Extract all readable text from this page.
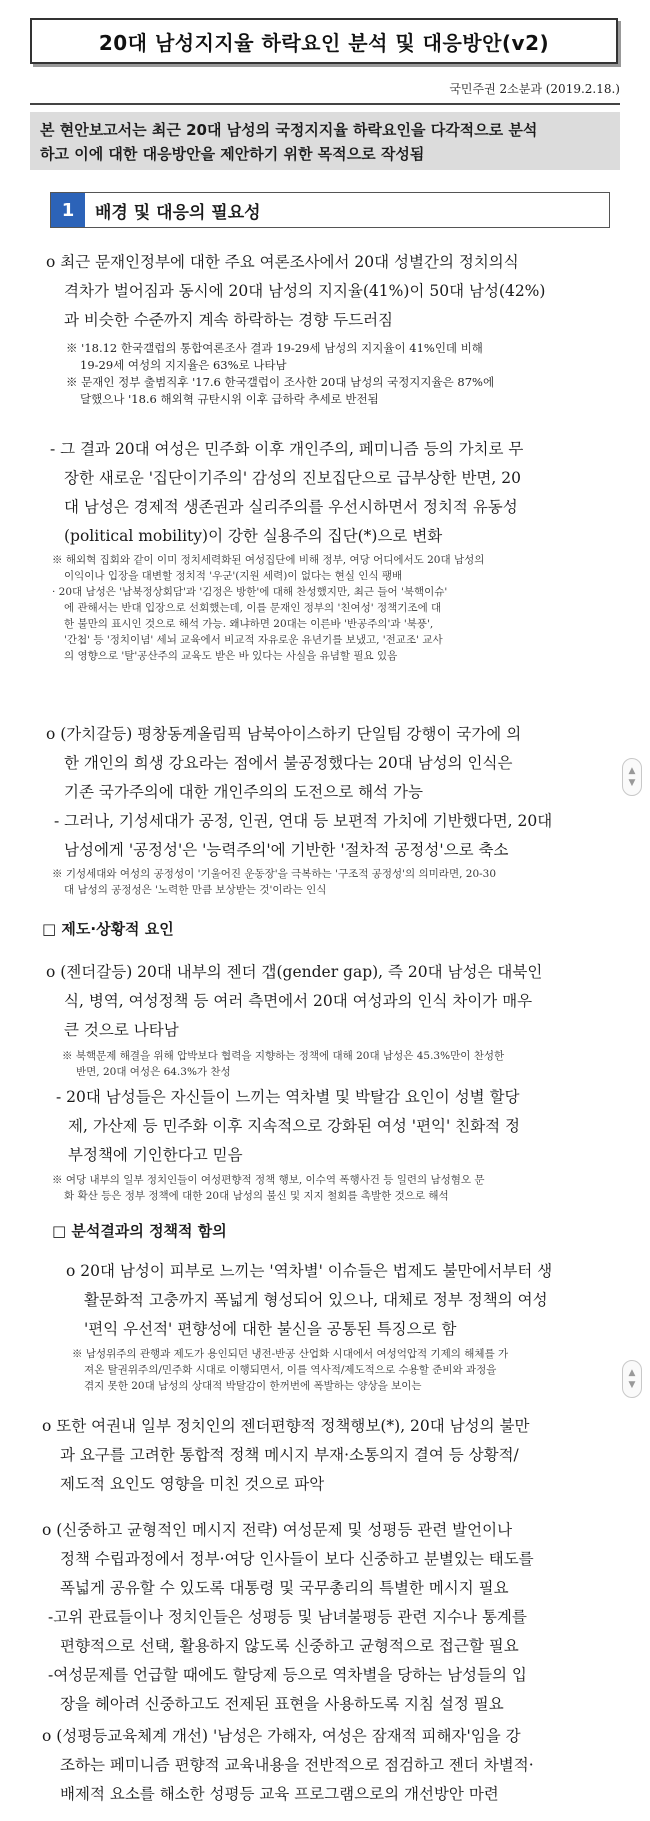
20대 남성지지율 하락요인 분석 및 대응방안(v2)
국민주권 2소분과 (2019.2.18.)
본 현안보고서는 최근 20대 남성의 국정지지율 하락요인을 다각적으로 분석
하고 이에 대한 대응방안을 제안하기 위한 목적으로 작성됨
1	배경 및 대응의 필요성
o 최근 문재인정부에 대한 주요 여론조사에서 20대 성별간의 정치의식
격차가 벌어짐과 동시에 20대 남성의 지지율(41%)이 50대 남성(42%)
과 비슷한 수준까지 계속 하락하는 경향 두드러짐
※ '18.12 한국갤럽의 통합여론조사 결과 19-29세 남성의 지지율이 41%인데 비해
19-29세 여성의 지지율은 63%로 나타남
※ 문재인 정부 출범직후 '17.6 한국갤럽이 조사한 20대 남성의 국정지지율은 87%에
달했으나 '18.6 해외혁 규탄시위 이후 급하락 추세로 반전됨
- 그 결과 20대 여성은 민주화 이후 개인주의, 페미니즘 등의 가치로 무
장한 새로운 '집단이기주의' 감성의 진보집단으로 급부상한 반면, 20
대 남성은 경제적 생존권과 실리주의를 우선시하면서 정치적 유동성
(political mobility)이 강한 실용주의 집단(*)으로 변화
※ 해외혁 집회와 같이 이미 정치세력화된 여성집단에 비해 정부, 여당 어디에서도 20대 남성의
이익이나 입장을 대변할 정치적 '우군'(지원 세력)이 없다는 현실 인식 팽배
· 20대 남성은 '남북정상회담'과 '김정은 방한'에 대해 찬성했지만, 최근 들어 '북핵이슈'
에 관해서는 반대 입장으로 선회했는데, 이를 문재인 정부의 '친여성' 정책기조에 대
한 불만의 표시인 것으로 해석 가능. 왜냐하면 20대는 이른바 '반공주의'과 '북풍',
'간첩' 등 '정치이념' 세뇌 교육에서 비교적 자유로운 유년기를 보냈고, '전교조' 교사
의 영향으로 '탈'공산주의 교육도 받은 바 있다는 사실을 유념할 필요 있음
o (가치갈등) 평창동계올림픽 남북아이스하키 단일팀 강행이 국가에 의
한 개인의 희생 강요라는 점에서 불공정했다는 20대 남성의 인식은
기존 국가주의에 대한 개인주의의 도전으로 해석 가능
- 그러나, 기성세대가 공정, 인권, 연대 등 보편적 가치에 기반했다면, 20대
남성에게 '공정성'은 '능력주의'에 기반한 '절차적 공정성'으로 축소
※ 기성세대와 여성의 공정성이 '기울어진 운동장'을 극복하는 '구조적 공정성'의 의미라면, 20-30
대 남성의 공정성은 '노력한 만큼 보상받는 것'이라는 인식
□ 제도·상황적 요인
o (젠더갈등) 20대 내부의 젠더 갭(gender gap), 즉 20대 남성은 대북인
식, 병역, 여성정책 등 여러 측면에서 20대 여성과의 인식 차이가 매우
큰 것으로 나타남
※ 북핵문제 해결을 위해 압박보다 협력을 지향하는 정책에 대해 20대 남성은 45.3%만이 찬성한
반면, 20대 여성은 64.3%가 찬성
- 20대 남성들은 자신들이 느끼는 역차별 및 박탈감 요인이 성별 할당
제, 가산제 등 민주화 이후 지속적으로 강화된 여성 '편익' 친화적 정
부정책에 기인한다고 믿음
※ 여당 내부의 일부 정치인들이 여성편향적 정책 행보, 이수역 폭행사건 등 일련의 남성혐오 문
화 확산 등은 정부 정책에 대한 20대 남성의 불신 및 지지 철회를 촉발한 것으로 해석
□ 분석결과의 정책적 함의
o 20대 남성이 피부로 느끼는 '역차별' 이슈들은 법제도 불만에서부터 생
활문화적 고충까지 폭넓게 형성되어 있으나, 대체로 정부 정책의 여성
'편익 우선적' 편향성에 대한 불신을 공통된 특징으로 함
※ 남성위주의 관행과 제도가 용인되던 냉전-반공 산업화 시대에서 여성억압적 기제의 해체를 가
져온 탈권위주의/민주화 시대로 이행되면서, 이를 역사적/제도적으로 수용할 준비와 과정을
겪지 못한 20대 남성의 상대적 박탈감이 한꺼번에 폭발하는 양상을 보이는
o 또한 여권내 일부 정치인의 젠더편향적 정책행보(*), 20대 남성의 불만
과 요구를 고려한 통합적 정책 메시지 부재·소통의지 결여 등 상황적/
제도적 요인도 영향을 미친 것으로 파악
o (신중하고 균형적인 메시지 전략) 여성문제 및 성평등 관련 발언이나
정책 수립과정에서 정부·여당 인사들이 보다 신중하고 분별있는 태도를
폭넓게 공유할 수 있도록 대통령 및 국무총리의 특별한 메시지 필요
-고위 관료들이나 정치인들은 성평등 및 남녀불평등 관련 지수나 통계를
편향적으로 선택, 활용하지 않도록 신중하고 균형적으로 접근할 필요
-여성문제를 언급할 때에도 할당제 등으로 역차별을 당하는 남성들의 입
장을 헤아려 신중하고도 전제된 표현을 사용하도록 지침 설정 필요
o (성평등교육체계 개선) '남성은 가해자, 여성은 잠재적 피해자'임을 강
조하는 페미니즘 편향적 교육내용을 전반적으로 점검하고 젠더 차별적·
배제적 요소를 해소한 성평등 교육 프로그램으로의 개선방안 마련
▲
▼
▲
▼
